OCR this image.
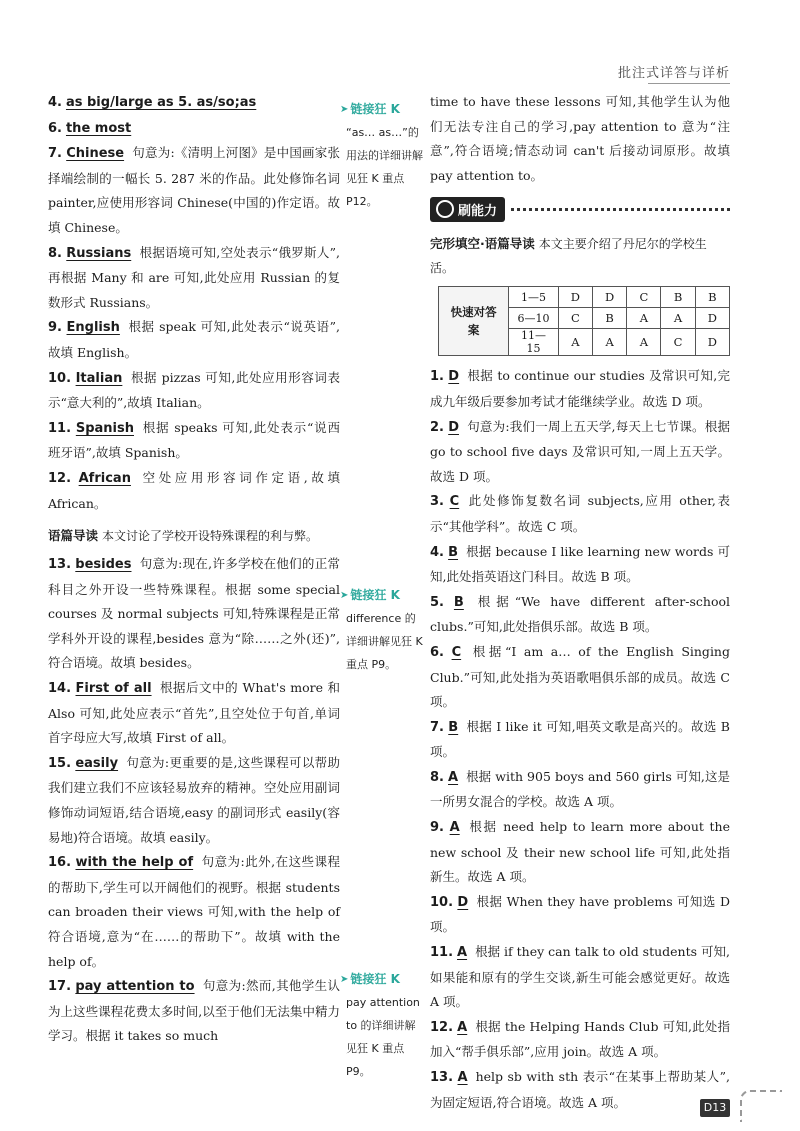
批注式详答与详析
4. as big/large as 5. as/so;as
6. the most
7. Chinese 句意为:《清明上河图》是中国画家张择端绘制的一幅长 5. 287 米的作品。此处修饰名词 painter,应使用形容词 Chinese(中国的)作定语。故填 Chinese。
8. Russians 根据语境可知,空处表示“俄罗斯人”,再根据 Many 和 are 可知,此处应用 Russian 的复数形式 Russians。
9. English 根据 speak 可知,此处表示“说英语”,故填 English。
10. Italian 根据 pizzas 可知,此处应用形容词表示“意大利的”,故填 Italian。
11. Spanish 根据 speaks 可知,此处表示“说西班牙语”,故填 Spanish。
12. African 空处应用形容词作定语,故填 African。
语篇导读 本文讨论了学校开设特殊课程的利与弊。
13. besides 句意为:现在,许多学校在他们的正常科目之外开设一些特殊课程。根据 some special courses 及 normal subjects 可知,特殊课程是正常学科外开设的课程,besides 意为“除……之外(还)”,符合语境。故填 besides。
14. First of all 根据后文中的 What's more 和 Also 可知,此处应表示“首先”,且空处位于句首,单词首字母应大写,故填 First of all。
15. easily 句意为:更重要的是,这些课程可以帮助我们建立我们不应该轻易放弃的精神。空处应用副词修饰动词短语,结合语境,easy 的副词形式 easily(容易地)符合语境。故填 easily。
16. with the help of 句意为:此外,在这些课程的帮助下,学生可以开阔他们的视野。根据 students can broaden their views 可知,with the help of 符合语境,意为“在……的帮助下”。故填 with the help of。
17. pay attention to 句意为:然而,其他学生认为上这些课程花费太多时间,以至于他们无法集中精力学习。根据 it takes so much
➤ 链接狂 K
“as… as…”的用法的详细讲解见狂 K 重点 P12。
➤ 链接狂 K
difference 的详细讲解见狂 K 重点 P9。
➤ 链接狂 K
pay attention to 的详细讲解见狂 K 重点 P9。
time to have these lessons 可知,其他学生认为他们无法专注自己的学习,pay attention to 意为“注意”,符合语境;情态动词 can't 后接动词原形。故填 pay attention to。
刷能力
完形填空·语篇导读 本文主要介绍了丹尼尔的学校生活。
快速对答案	1—5	D	D	C	B	B
	6—10	C	B	A	A	D
	11—15	A	A	A	C	D
1. D 根据 to continue our studies 及常识可知,完成九年级后要参加考试才能继续学业。故选 D 项。
2. D 句意为:我们一周上五天学,每天上七节课。根据 go to school five days 及常识可知,一周上五天学。故选 D 项。
3. C 此处修饰复数名词 subjects,应用 other,表示“其他学科”。故选 C 项。
4. B 根据 because I like learning new words 可知,此处指英语这门科目。故选 B 项。
5. B 根据“We have different after-school clubs.”可知,此处指俱乐部。故选 B 项。
6. C 根据“I am a… of the English Singing Club.”可知,此处指为英语歌唱俱乐部的成员。故选 C 项。
7. B 根据 I like it 可知,唱英文歌是高兴的。故选 B 项。
8. A 根据 with 905 boys and 560 girls 可知,这是一所男女混合的学校。故选 A 项。
9. A 根据 need help to learn more about the new school 及 their new school life 可知,此处指新生。故选 A 项。
10. D 根据 When they have problems 可知选 D 项。
11. A 根据 if they can talk to old students 可知,如果能和原有的学生交谈,新生可能会感觉更好。故选 A 项。
12. A 根据 the Helping Hands Club 可知,此处指加入“帮手俱乐部”,应用 join。故选 A 项。
13. A help sb with sth 表示“在某事上帮助某人”,为固定短语,符合语境。故选 A 项。	D13
